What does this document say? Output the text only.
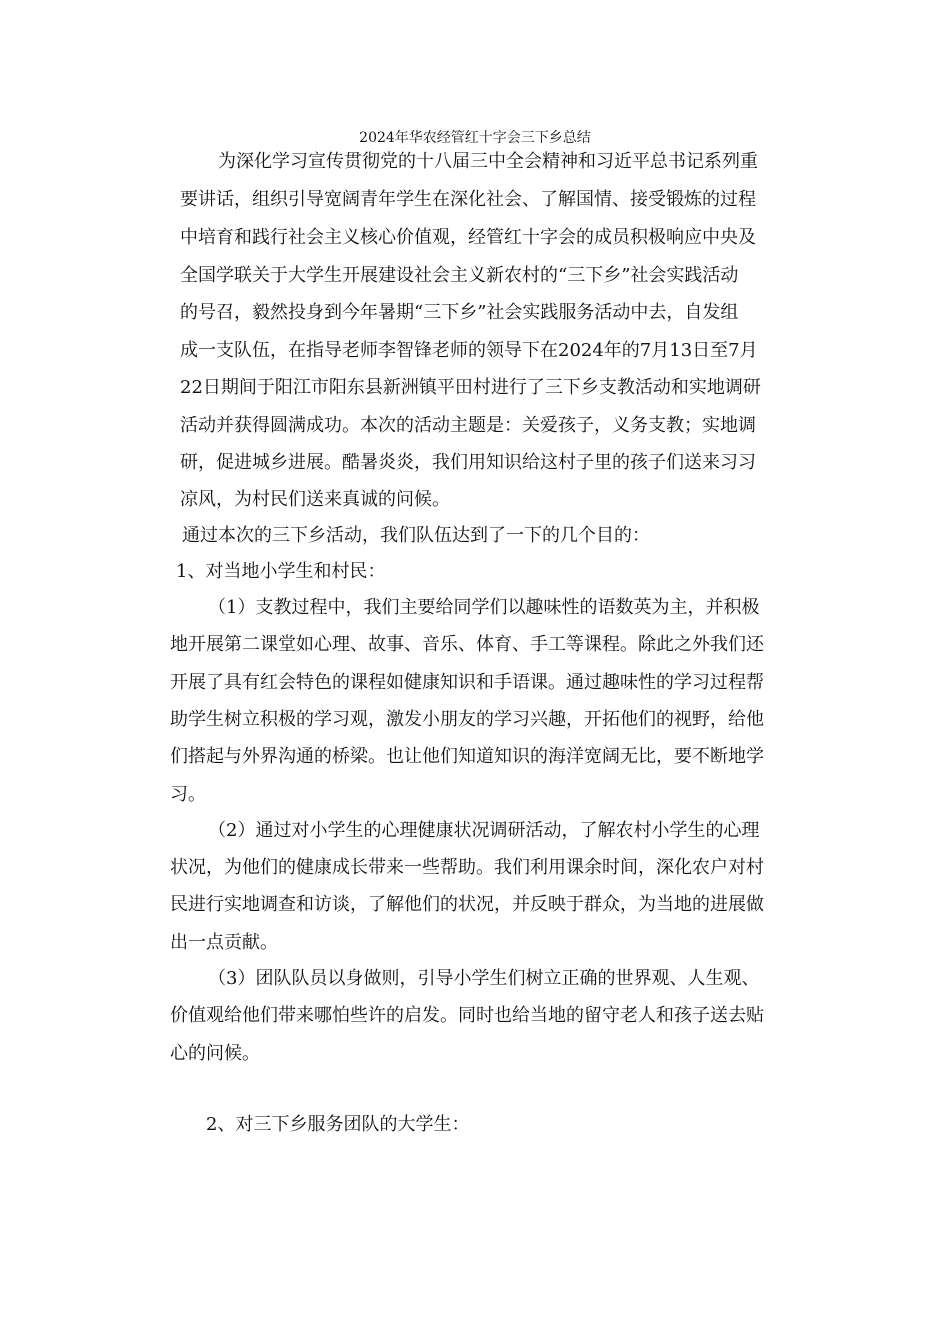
2024年华农经管红十字会三下乡总结
为深化学习宣传贯彻党的十八届三中全会精神和习近平总书记系列重
要讲话，组织引导宽阔青年学生在深化社会、了解国情、接受锻炼的过程
中培育和践行社会主义核心价值观，经管红十字会的成员积极响应中央及
全国学联关于大学生开展建设社会主义新农村的“三下乡”社会实践活动
的号召，毅然投身到今年暑期“三下乡”社会实践服务活动中去，自发组
成一支队伍，在指导老师李智锋老师的领导下在2024年的7月13日至7月
22日期间于阳江市阳东县新洲镇平田村进行了三下乡支教活动和实地调研
活动并获得圆满成功。本次的活动主题是：关爱孩子，义务支教；实地调
研，促进城乡进展。酷暑炎炎，我们用知识给这村子里的孩子们送来习习
凉风，为村民们送来真诚的问候。
通过本次的三下乡活动，我们队伍达到了一下的几个目的：
1、对当地小学生和村民：
（1）支教过程中，我们主要给同学们以趣味性的语数英为主，并积极
地开展第二课堂如心理、故事、音乐、体育、手工等课程。除此之外我们还
开展了具有红会特色的课程如健康知识和手语课。通过趣味性的学习过程帮
助学生树立积极的学习观，激发小朋友的学习兴趣，开拓他们的视野，给他
们搭起与外界沟通的桥梁。也让他们知道知识的海洋宽阔无比，要不断地学
习。
（2）通过对小学生的心理健康状况调研活动，了解农村小学生的心理
状况，为他们的健康成长带来一些帮助。我们利用课余时间，深化农户对村
民进行实地调查和访谈，了解他们的状况，并反映于群众，为当地的进展做
出一点贡献。
（3）团队队员以身做则，引导小学生们树立正确的世界观、人生观、
价值观给他们带来哪怕些许的启发。同时也给当地的留守老人和孩子送去贴
心的问候。
2、对三下乡服务团队的大学生：
